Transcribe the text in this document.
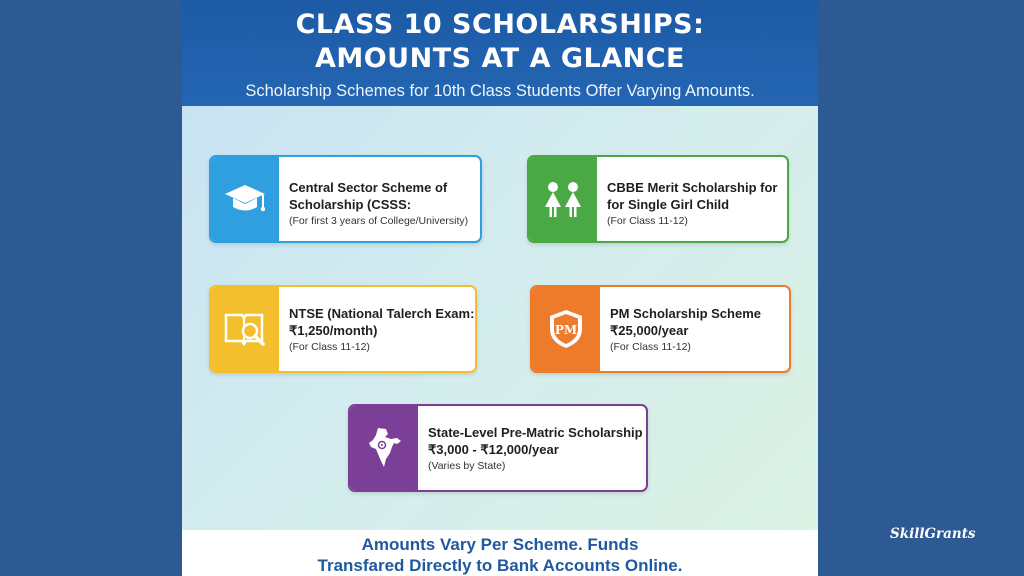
CLASS 10 SCHOLARSHIPS:
AMOUNTS AT A GLANCE
Scholarship Schemes for 10th Class Students Offer Varying Amounts.
Central Sector Scheme of
Scholarship (CSSS:
(For first 3 years of College/University)
CBBE Merit Scholarship for
for Single Girl Child
(For Class 11-12)
NTSE (National Talerch Exam:
₹1,250/month)
(For Class 11-12)
PM
PM Scholarship Scheme
₹25,000/year
(For Class 11-12)
State-Level Pre-Matric Scholarship
₹3,000 - ₹12,000/year
(Varies by State)
Amounts Vary Per Scheme. Funds
Transfared Directly to Bank Accounts Online.
SkillGrants
